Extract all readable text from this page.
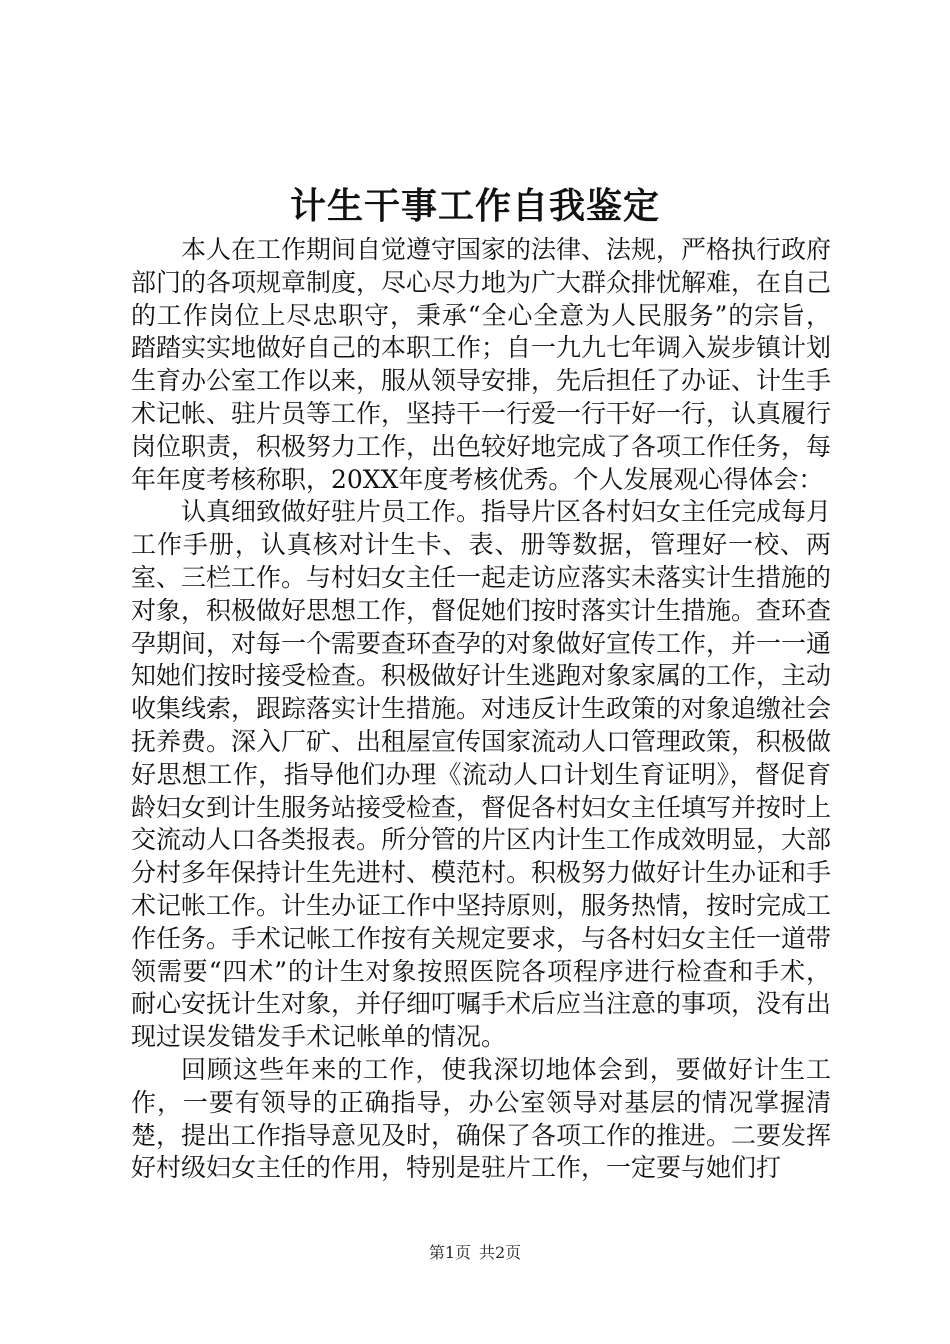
计生干事工作自我鉴定

本人在工作期间自觉遵守国家的法律、法规，严格执行政府部门的各项规章制度，尽心尽力地为广大群众排忧解难，在自己的工作岗位上尽忠职守，秉承“全心全意为人民服务”的宗旨，踏踏实实地做好自己的本职工作；自一九九七年调入炭步镇计划生育办公室工作以来，服从领导安排，先后担任了办证、计生手术记帐、驻片员等工作，坚持干一行爱一行干好一行，认真履行岗位职责，积极努力工作，出色较好地完成了各项工作任务，每年年度考核称职，20XX年度考核优秀。个人发展观心得体会：

认真细致做好驻片员工作。指导片区各村妇女主任完成每月工作手册，认真核对计生卡、表、册等数据，管理好一校、两室、三栏工作。与村妇女主任一起走访应落实未落实计生措施的对象，积极做好思想工作，督促她们按时落实计生措施。查环查孕期间，对每一个需要查环查孕的对象做好宣传工作，并一一通知她们按时接受检查。积极做好计生逃跑对象家属的工作，主动收集线索，跟踪落实计生措施。对违反计生政策的对象追缴社会抚养费。深入厂矿、出租屋宣传国家流动人口管理政策，积极做好思想工作，指导他们办理《流动人口计划生育证明》，督促育龄妇女到计生服务站接受检查，督促各村妇女主任填写并按时上交流动人口各类报表。所分管的片区内计生工作成效明显，大部分村多年保持计生先进村、模范村。积极努力做好计生办证和手术记帐工作。计生办证工作中坚持原则，服务热情，按时完成工作任务。手术记帐工作按有关规定要求，与各村妇女主任一道带领需要“四术”的计生对象按照医院各项程序进行检查和手术，耐心安抚计生对象，并仔细叮嘱手术后应当注意的事项，没有出现过误发错发手术记帐单的情况。

回顾这些年来的工作，使我深切地体会到，要做好计生工作，一要有领导的正确指导，办公室领导对基层的情况掌握清楚，提出工作指导意见及时，确保了各项工作的推进。二要发挥好村级妇女主任的作用，特别是驻片工作，一定要与她们打

第1页 共2页
